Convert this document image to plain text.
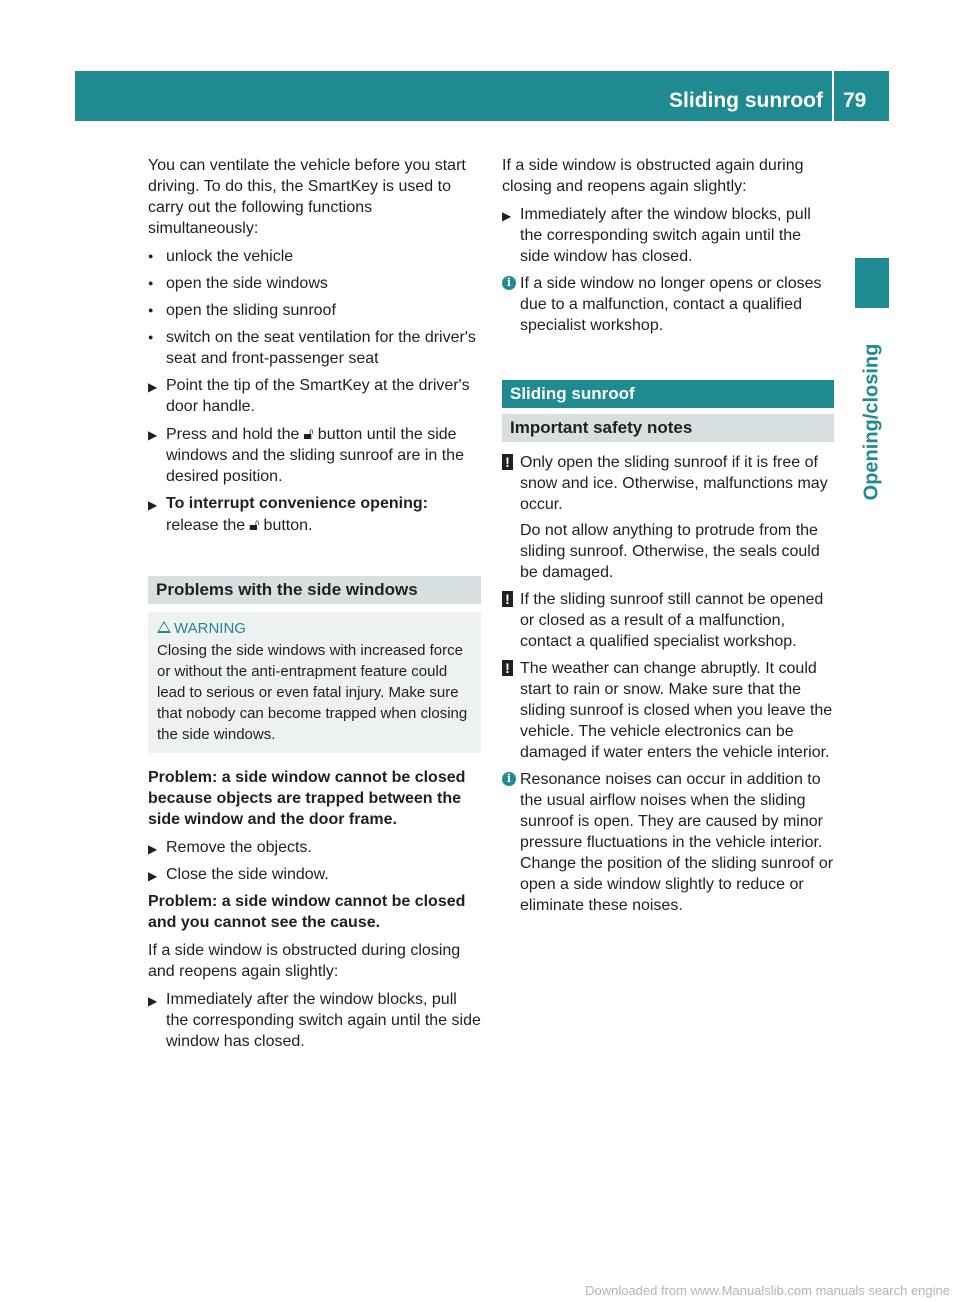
Sliding sunroof 79
Opening/closing

You can ventilate the vehicle before you start driving. To do this, the SmartKey is used to carry out the following functions simultaneously:

● unlock the vehicle
● open the side windows
● open the sliding sunroof
● switch on the seat ventilation for the driver's seat and front-passenger seat
▶ Point the tip of the SmartKey at the driver's door handle.
▶ Press and hold the 🔓︎ button until the side windows and the sliding sunroof are in the desired position.
▶ To interrupt convenience opening:
release the 🔓︎ button.
Problems with the side windows
WARNING
Closing the side windows with increased force or without the anti-entrapment feature could lead to serious or even fatal injury. Make sure that nobody can become trapped when closing the side windows.

Problem: a side window cannot be closed because objects are trapped between the side window and the door frame.

▶ Remove the objects.
▶ Close the side window.

Problem: a side window cannot be closed and you cannot see the cause.

If a side window is obstructed during closing and reopens again slightly:

▶ Immediately after the window blocks, pull the corresponding switch again until the side window has closed.

If a side window is obstructed again during closing and reopens again slightly:

▶ Immediately after the window blocks, pull the corresponding switch again until the side window has closed.
i If a side window no longer opens or closes due to a malfunction, contact a qualified specialist workshop.
Sliding sunroof
Important safety notes
! Only open the sliding sunroof if it is free of snow and ice. Otherwise, malfunctions may occur.
Do not allow anything to protrude from the sliding sunroof. Otherwise, the seals could be damaged.
! If the sliding sunroof still cannot be opened or closed as a result of a malfunction, contact a qualified specialist workshop.
! The weather can change abruptly. It could start to rain or snow. Make sure that the sliding sunroof is closed when you leave the vehicle. The vehicle electronics can be damaged if water enters the vehicle interior.
i Resonance noises can occur in addition to the usual airflow noises when the sliding sunroof is open. They are caused by minor pressure fluctuations in the vehicle interior. Change the position of the sliding sunroof or open a side window slightly to reduce or eliminate these noises.
Downloaded from www.Manualslib.com manuals search engine
